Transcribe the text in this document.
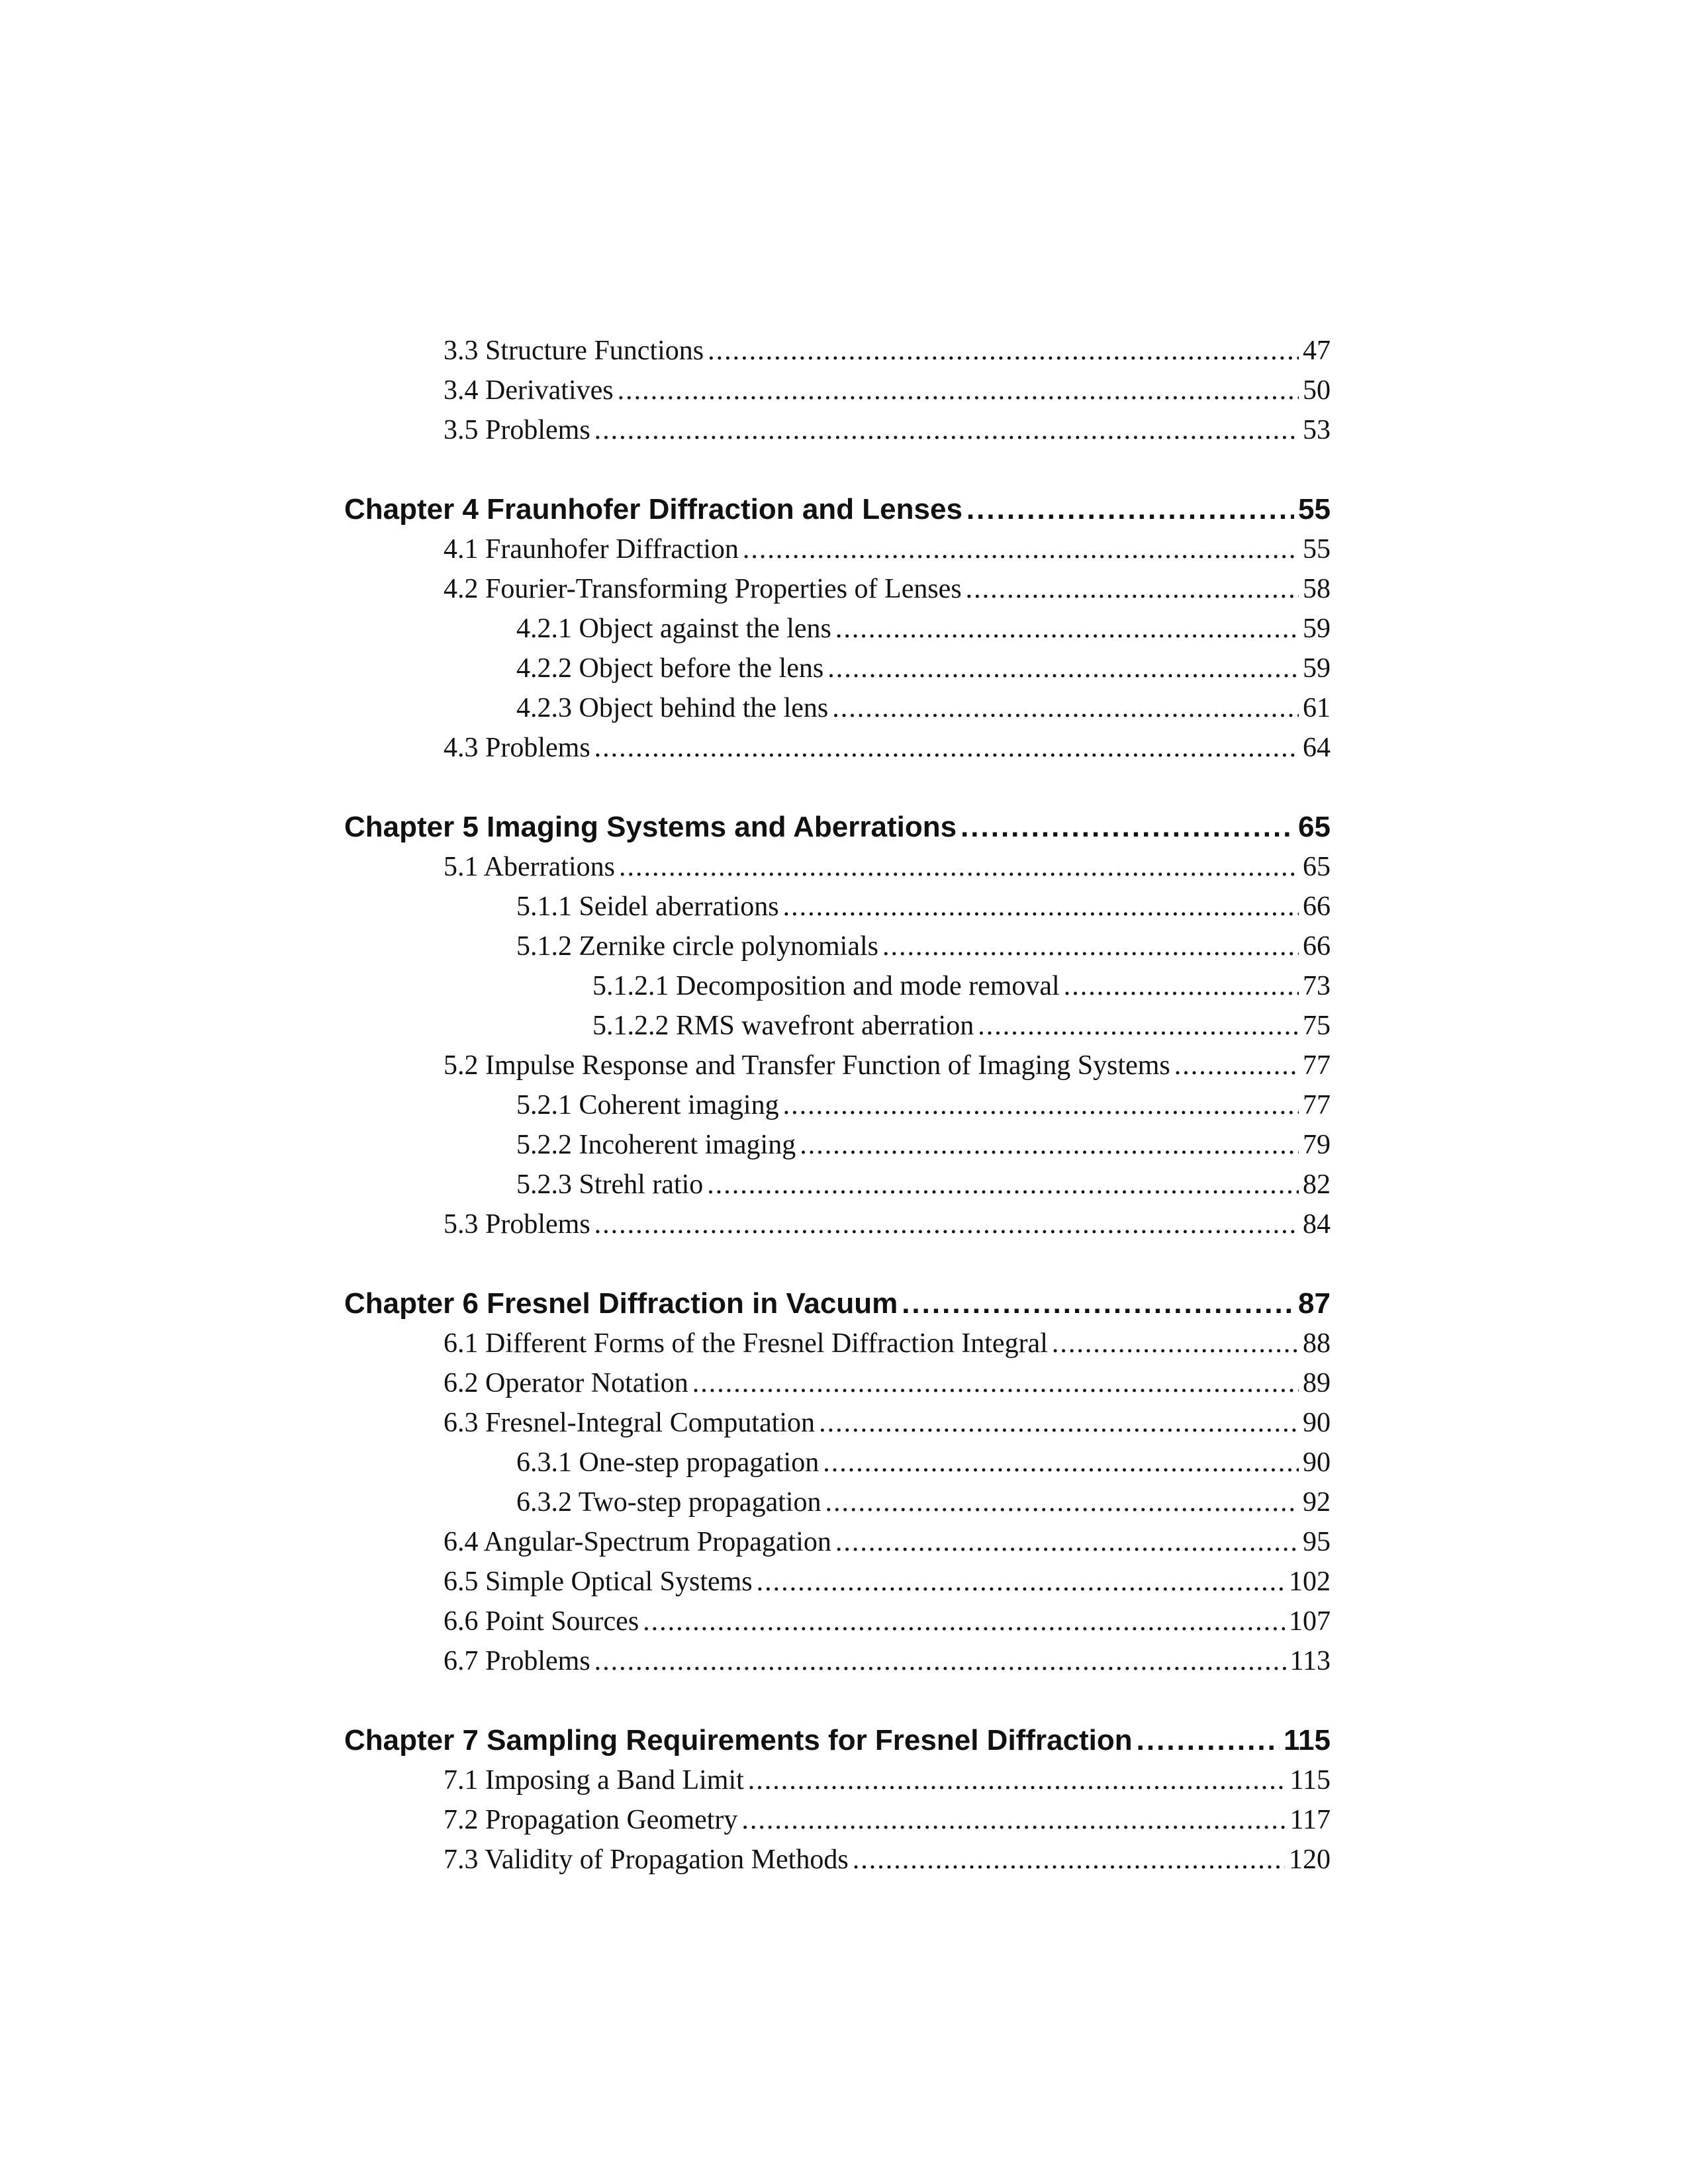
3.3 Structure Functions .....	47
3.4 Derivatives .....	50
3.5 Problems .....	53
Chapter 4 Fraunhofer Diffraction and Lenses .....	55
4.1 Fraunhofer Diffraction .....	55
4.2 Fourier-Transforming Properties of Lenses .....	58
4.2.1 Object against the lens .....	59
4.2.2 Object before the lens .....	59
4.2.3 Object behind the lens .....	61
4.3 Problems .....	64
Chapter 5 Imaging Systems and Aberrations .....	65
5.1 Aberrations .....	65
5.1.1 Seidel aberrations .....	66
5.1.2 Zernike circle polynomials .....	66
5.1.2.1 Decomposition and mode removal .....	73
5.1.2.2 RMS wavefront aberration .....	75
5.2 Impulse Response and Transfer Function of Imaging Systems .....	77
5.2.1 Coherent imaging .....	77
5.2.2 Incoherent imaging .....	79
5.2.3 Strehl ratio .....	82
5.3 Problems .....	84
Chapter 6 Fresnel Diffraction in Vacuum .....	87
6.1 Different Forms of the Fresnel Diffraction Integral .....	88
6.2 Operator Notation .....	89
6.3 Fresnel-Integral Computation .....	90
6.3.1 One-step propagation .....	90
6.3.2 Two-step propagation .....	92
6.4 Angular-Spectrum Propagation .....	95
6.5 Simple Optical Systems .....	102
6.6 Point Sources .....	107
6.7 Problems .....	113
Chapter 7 Sampling Requirements for Fresnel Diffraction .....	115
7.1 Imposing a Band Limit .....	115
7.2 Propagation Geometry .....	117
7.3 Validity of Propagation Methods .....	120
